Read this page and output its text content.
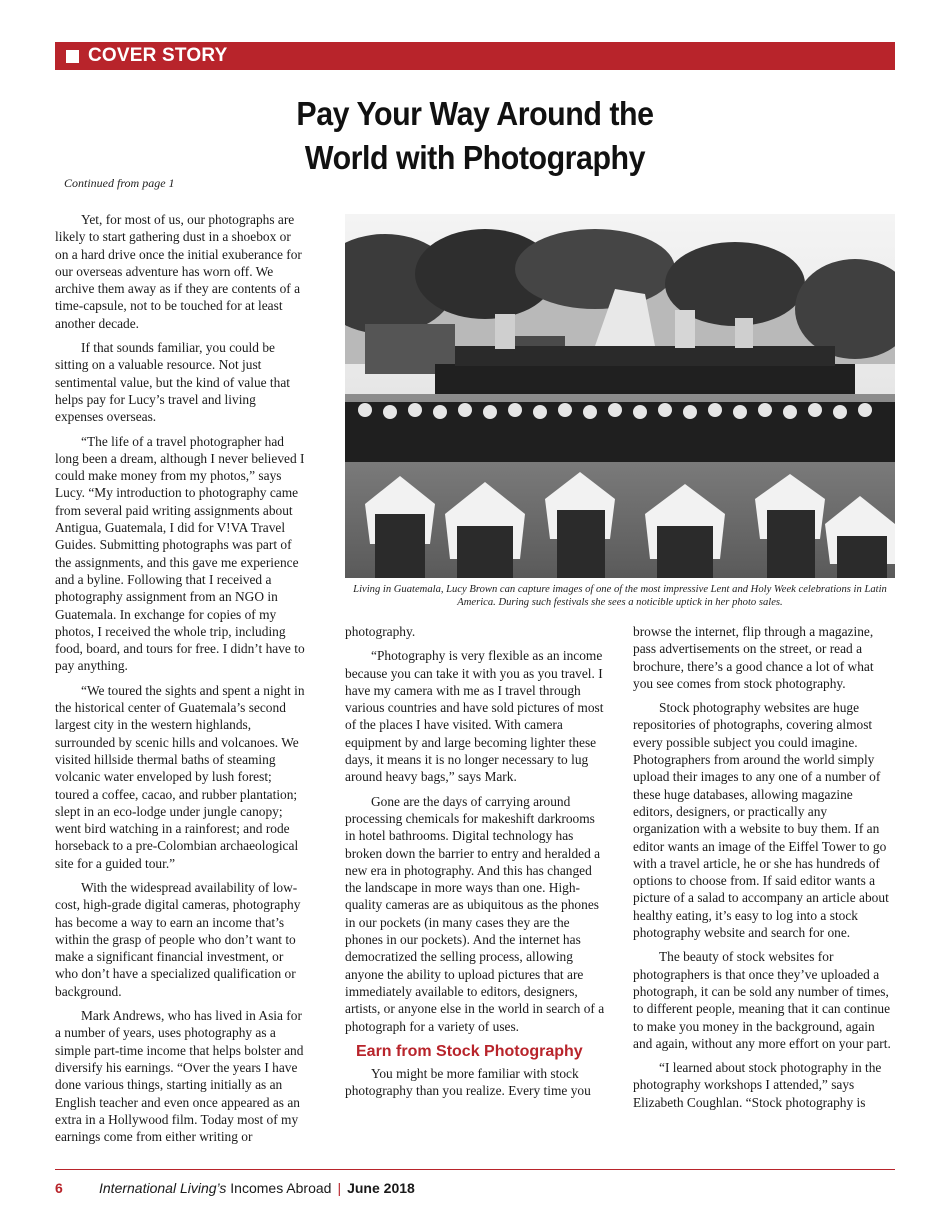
COVER STORY
Pay Your Way Around the
World with Photography
Continued from page 1

Yet, for most of us, our photographs are likely to start gathering dust in a shoebox or on a hard drive once the initial exuberance for our overseas adventure has worn off. We archive them away as if they are contents of a time-capsule, not to be touched for at least another decade.

If that sounds familiar, you could be sitting on a valuable resource. Not just sentimental value, but the kind of value that helps pay for Lucy’s travel and living expenses overseas.

“The life of a travel photographer had long been a dream, although I never believed I could make money from my photos,” says Lucy. “My introduction to photography came from several paid writing assignments about Antigua, Guatemala, I did for V!VA Travel Guides. Submitting photographs was part of the assignments, and this gave me experience and a byline. Following that I received a photography assignment from an NGO in Guatemala. In exchange for copies of my photos, I received the whole trip, including food, board, and tours for free. I didn’t have to pay anything.

“We toured the sights and spent a night in the historical center of Guatemala’s second largest city in the western highlands, surrounded by scenic hills and volcanoes. We visited hillside thermal baths of steaming volcanic water enveloped by lush forest; toured a coffee, cacao, and rubber plantation; slept in an eco-lodge under jungle canopy; went bird watching in a rainforest; and rode horseback to a pre-Colombian archaeological site for a guided tour.”

With the widespread availability of low-cost, high-grade digital cameras, photography has become a way to earn an income that’s within the grasp of people who don’t want to make a significant financial investment, or who don’t have a specialized qualification or background.

Mark Andrews, who has lived in Asia for a number of years, uses photography as a simple part-time income that helps bolster and diversify his earnings. “Over the years I have done various things, starting initially as an English teacher and even once appeared as an extra in a Hollywood film. Today most of my earnings come from either writing or

Living in Guatemala, Lucy Brown can capture images of one of the most impressive Lent and Holy Week celebrations in Latin America. During such festivals she sees a noticible uptick in her photo sales.

photography.

“Photography is very flexible as an income because you can take it with you as you travel. I have my camera with me as I travel through various countries and have sold pictures of most of the places I have visited. With camera equipment by and large becoming lighter these days, it means it is no longer necessary to lug around heavy bags,” says Mark.

Gone are the days of carrying around processing chemicals for makeshift darkrooms in hotel bathrooms. Digital technology has broken down the barrier to entry and heralded a new era in photography. And this has changed the landscape in more ways than one. High-quality cameras are as ubiquitous as the phones in our pockets (in many cases they are the phones in our pockets). And the internet has democratized the selling process, allowing anyone the ability to upload pictures that are immediately available to editors, designers, artists, or anyone else in the world in search of a photograph for a variety of uses.

Earn from Stock Photography

You might be more familiar with stock photography than you realize. Every time you

browse the internet, flip through a magazine, pass advertisements on the street, or read a brochure, there’s a good chance a lot of what you see comes from stock photography.

Stock photography websites are huge repositories of photographs, covering almost every possible subject you could imagine. Photographers from around the world simply upload their images to any one of a number of these huge databases, allowing magazine editors, designers, or practically any organization with a website to buy them. If an editor wants an image of the Eiffel Tower to go with a travel article, he or she has hundreds of options to choose from. If said editor wants a picture of a salad to accompany an article about healthy eating, it’s easy to log into a stock photography website and search for one.

The beauty of stock websites for photographers is that once they’ve uploaded a photograph, it can be sold any number of times, to different people, meaning that it can continue to make you money in the background, again and again, without any more effort on your part.

“I learned about stock photography in the photography workshops I attended,” says Elizabeth Coughlan. “Stock photography is

6	International Living’s Incomes Abroad | June 2018
